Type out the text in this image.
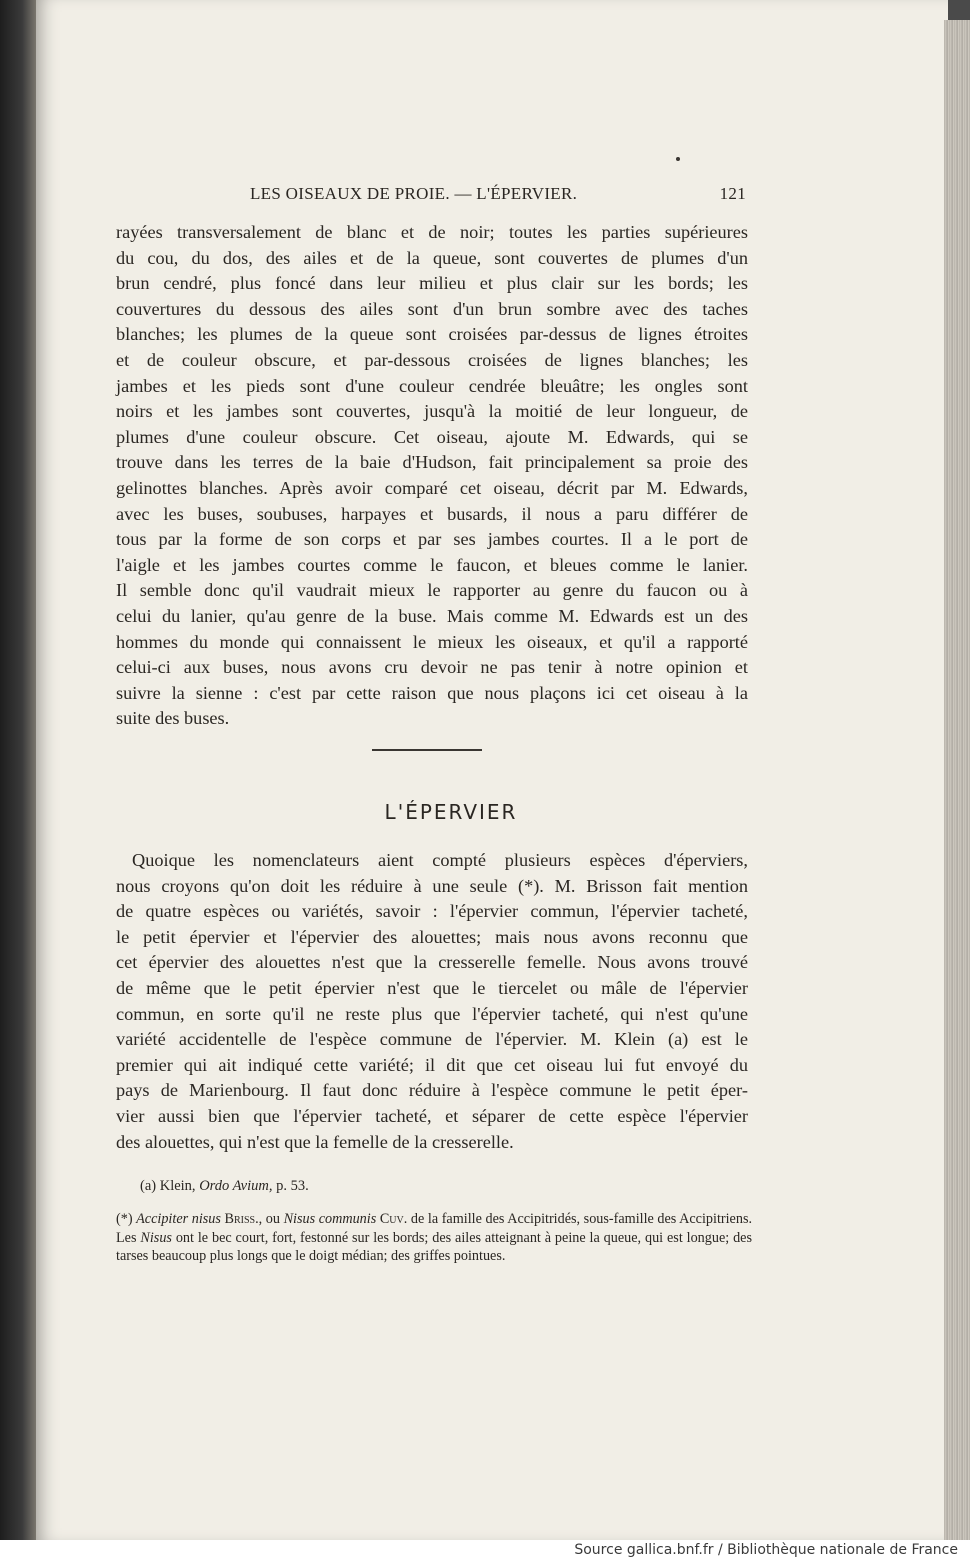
LES OISEAUX DE PROIE. — L'ÉPERVIER.	121
rayées transversalement de blanc et de noir; toutes les parties supérieures
du cou, du dos, des ailes et de la queue, sont couvertes de plumes d'un
brun cendré, plus foncé dans leur milieu et plus clair sur les bords; les
couvertures du dessous des ailes sont d'un brun sombre avec des taches
blanches; les plumes de la queue sont croisées par-dessus de lignes étroites
et de couleur obscure, et par-dessous croisées de lignes blanches; les
jambes et les pieds sont d'une couleur cendrée bleuâtre; les ongles sont
noirs et les jambes sont couvertes, jusqu'à la moitié de leur longueur, de
plumes d'une couleur obscure. Cet oiseau, ajoute M. Edwards, qui se
trouve dans les terres de la baie d'Hudson, fait principalement sa proie des
gelinottes blanches. Après avoir comparé cet oiseau, décrit par M. Edwards,
avec les buses, soubuses, harpayes et busards, il nous a paru différer de
tous par la forme de son corps et par ses jambes courtes. Il a le port de
l'aigle et les jambes courtes comme le faucon, et bleues comme le lanier.
Il semble donc qu'il vaudrait mieux le rapporter au genre du faucon ou à
celui du lanier, qu'au genre de la buse. Mais comme M. Edwards est un des
hommes du monde qui connaissent le mieux les oiseaux, et qu'il a rapporté
celui-ci aux buses, nous avons cru devoir ne pas tenir à notre opinion et
suivre la sienne : c'est par cette raison que nous plaçons ici cet oiseau à la
suite des buses.
L'ÉPERVIER
Quoique les nomenclateurs aient compté plusieurs espèces d'éperviers,
nous croyons qu'on doit les réduire à une seule (*). M. Brisson fait mention
de quatre espèces ou variétés, savoir : l'épervier commun, l'épervier tacheté,
le petit épervier et l'épervier des alouettes; mais nous avons reconnu que
cet épervier des alouettes n'est que la cresserelle femelle. Nous avons trouvé
de même que le petit épervier n'est que le tiercelet ou mâle de l'épervier
commun, en sorte qu'il ne reste plus que l'épervier tacheté, qui n'est qu'une
variété accidentelle de l'espèce commune de l'épervier. M. Klein (a) est le
premier qui ait indiqué cette variété; il dit que cet oiseau lui fut envoyé du
pays de Marienbourg. Il faut donc réduire à l'espèce commune le petit éper-
vier aussi bien que l'épervier tacheté, et séparer de cette espèce l'épervier
des alouettes, qui n'est que la femelle de la cresserelle.
(a) Klein, Ordo Avium, p. 53.
(*) Accipiter nisus Briss., ou Nisus communis Cuv. de la famille des Accipitridés, sous-famille des Accipitriens. Les Nisus ont le bec court, fort, festonné sur les bords; des ailes atteignant à peine la queue, qui est longue; des tarses beaucoup plus longs que le doigt médian; des griffes pointues.
Source gallica.bnf.fr / Bibliothèque nationale de France
